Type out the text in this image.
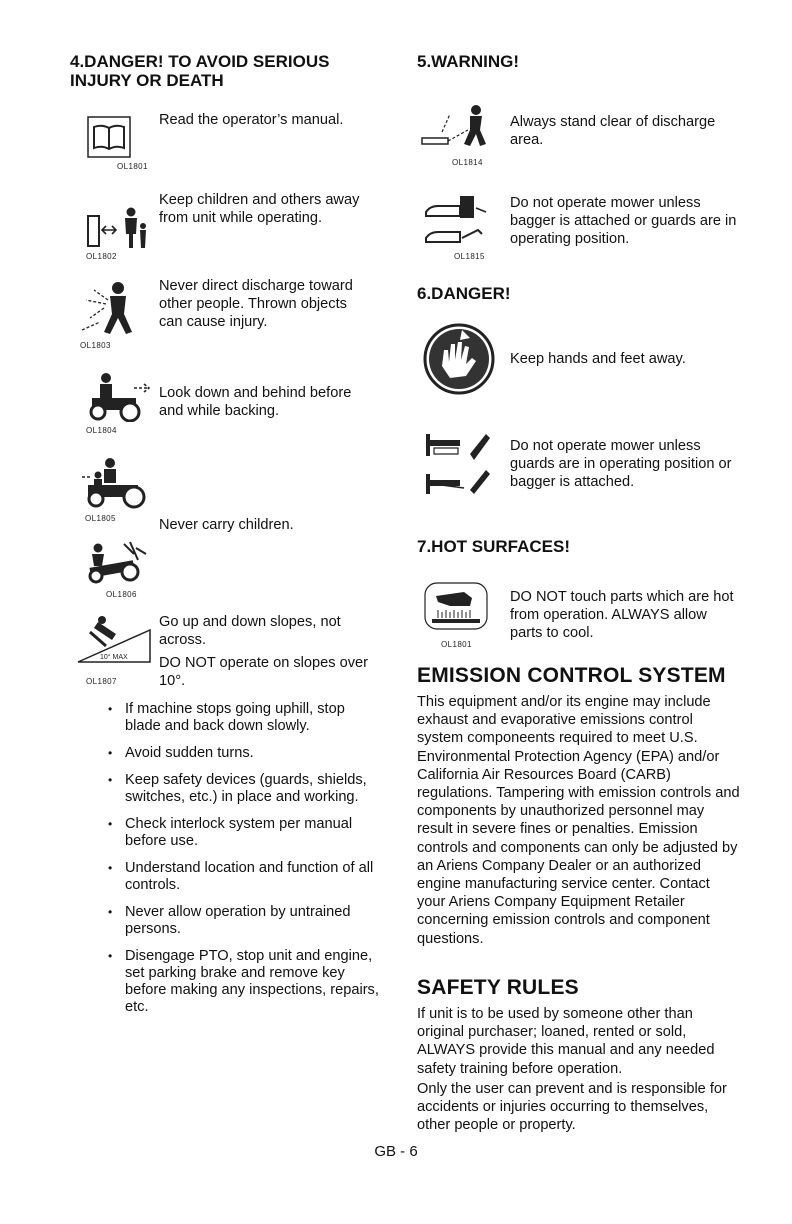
4.DANGER! TO AVOID SERIOUS
INJURY OR DEATH
OL1801
Read the operator’s manual.
OL1802
Keep children and others away from unit while operating.
OL1803
Never direct discharge toward other people. Thrown objects can cause injury.
OL1804
Look down and behind before and while backing.
OL1805	Never carry children.
OL1806
10° MAX
OL1807
Go up and down slopes, not across.
DO NOT operate on slopes over 10°.
• If machine stops going uphill, stop blade and back down slowly.
• Avoid sudden turns.
• Keep safety devices (guards, shields, switches, etc.) in place and working.
• Check interlock system per manual before use.
• Understand location and function of all controls.
• Never allow operation by untrained persons.
• Disengage PTO, stop unit and engine, set parking brake and remove key before making any inspections, repairs, etc.
5.WARNING!
OL1814
Always stand clear of discharge area.
OL1815
Do not operate mower unless bagger is attached or guards are in operating position.
6.DANGER!
Keep hands and feet away.
Do not operate mower unless guards are in operating position or bagger is attached.
7.HOT SURFACES!
OL1801
DO NOT touch parts which are hot from operation. ALWAYS allow parts to cool.
EMISSION CONTROL SYSTEM
This equipment and/or its engine may include exhaust and evaporative emissions control system componeents required to meet U.S. Environmental Protection Agency (EPA) and/or California Air Resources Board (CARB) regulations. Tampering with emission controls and components by unauthorized personnel may result in severe fines or penalties. Emission controls and components can only be adjusted by an Ariens Company Dealer or an authorized engine manufacturing service center. Contact your Ariens Company Equipment Retailer concerning emission controls and component questions.
SAFETY RULES
If unit is to be used by someone other than original purchaser; loaned, rented or sold, ALWAYS provide this manual and any needed safety training before operation.
Only the user can prevent and is responsible for accidents or injuries occurring to themselves, other people or property.
GB - 6
